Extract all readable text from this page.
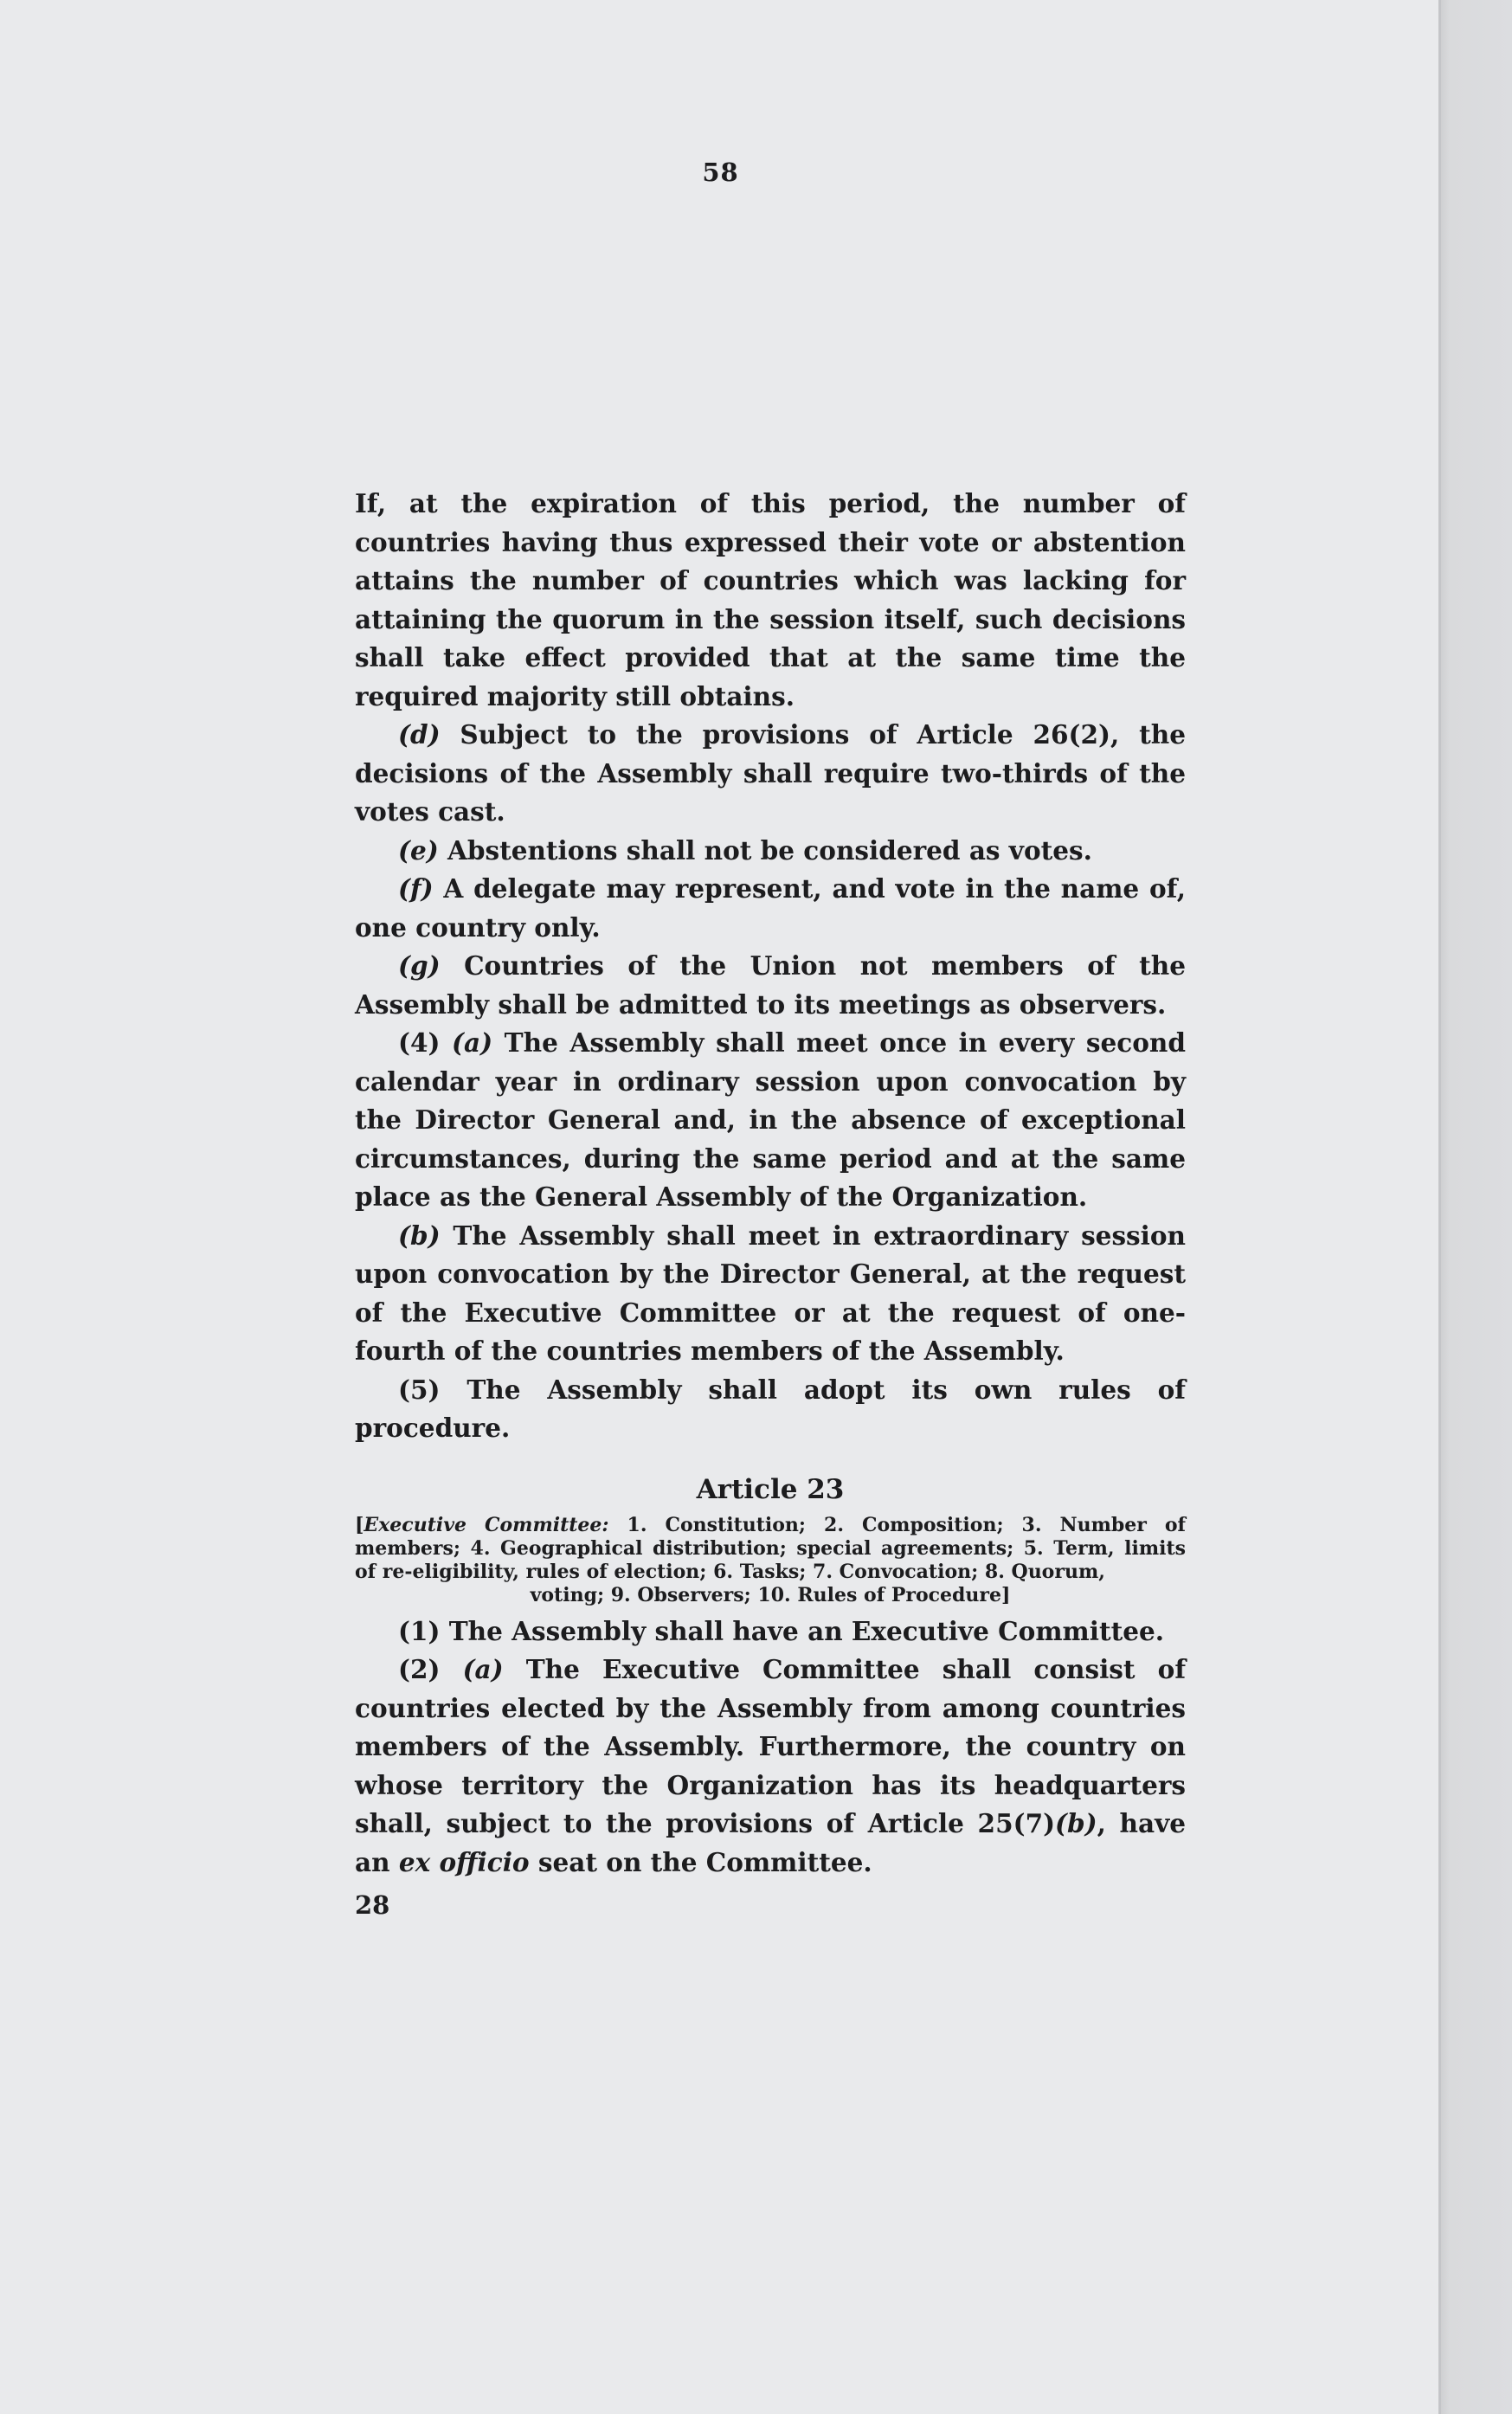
58

If, at the expiration of this period, the number of countries having thus expressed their vote or abstention attains the number of countries which was lacking for attaining the quorum in the session itself, such decisions shall take effect provided that at the same time the required majority still obtains.

(d) Subject to the provisions of Article 26(2), the decisions of the Assembly shall require two-thirds of the votes cast.

(e) Abstentions shall not be considered as votes.

(f) A delegate may represent, and vote in the name of, one country only.

(g) Countries of the Union not members of the Assembly shall be admitted to its meetings as observers.

(4) (a) The Assembly shall meet once in every second calendar year in ordinary session upon convocation by the Director General and, in the absence of exceptional circumstances, during the same period and at the same place as the General Assembly of the Organization.

(b) The Assembly shall meet in extraordinary session upon convocation by the Director General, at the request of the Executive Committee or at the request of one-fourth of the countries members of the Assembly.

(5) The Assembly shall adopt its own rules of procedure.

Article 23
[Executive Committee: 1. Constitution; 2. Composition; 3. Number of members; 4. Geographical distribution; special agreements; 5. Term, limits of re-eligibility, rules of election; 6. Tasks; 7. Convocation; 8. Quorum,
voting; 9. Observers; 10. Rules of Procedure]

(1) The Assembly shall have an Executive Committee.

(2) (a) The Executive Committee shall consist of countries elected by the Assembly from among countries members of the Assembly. Furthermore, the country on whose territory the Organization has its headquarters shall, subject to the provisions of Article 25(7)(b), have an ex officio seat on the Committee.

28
